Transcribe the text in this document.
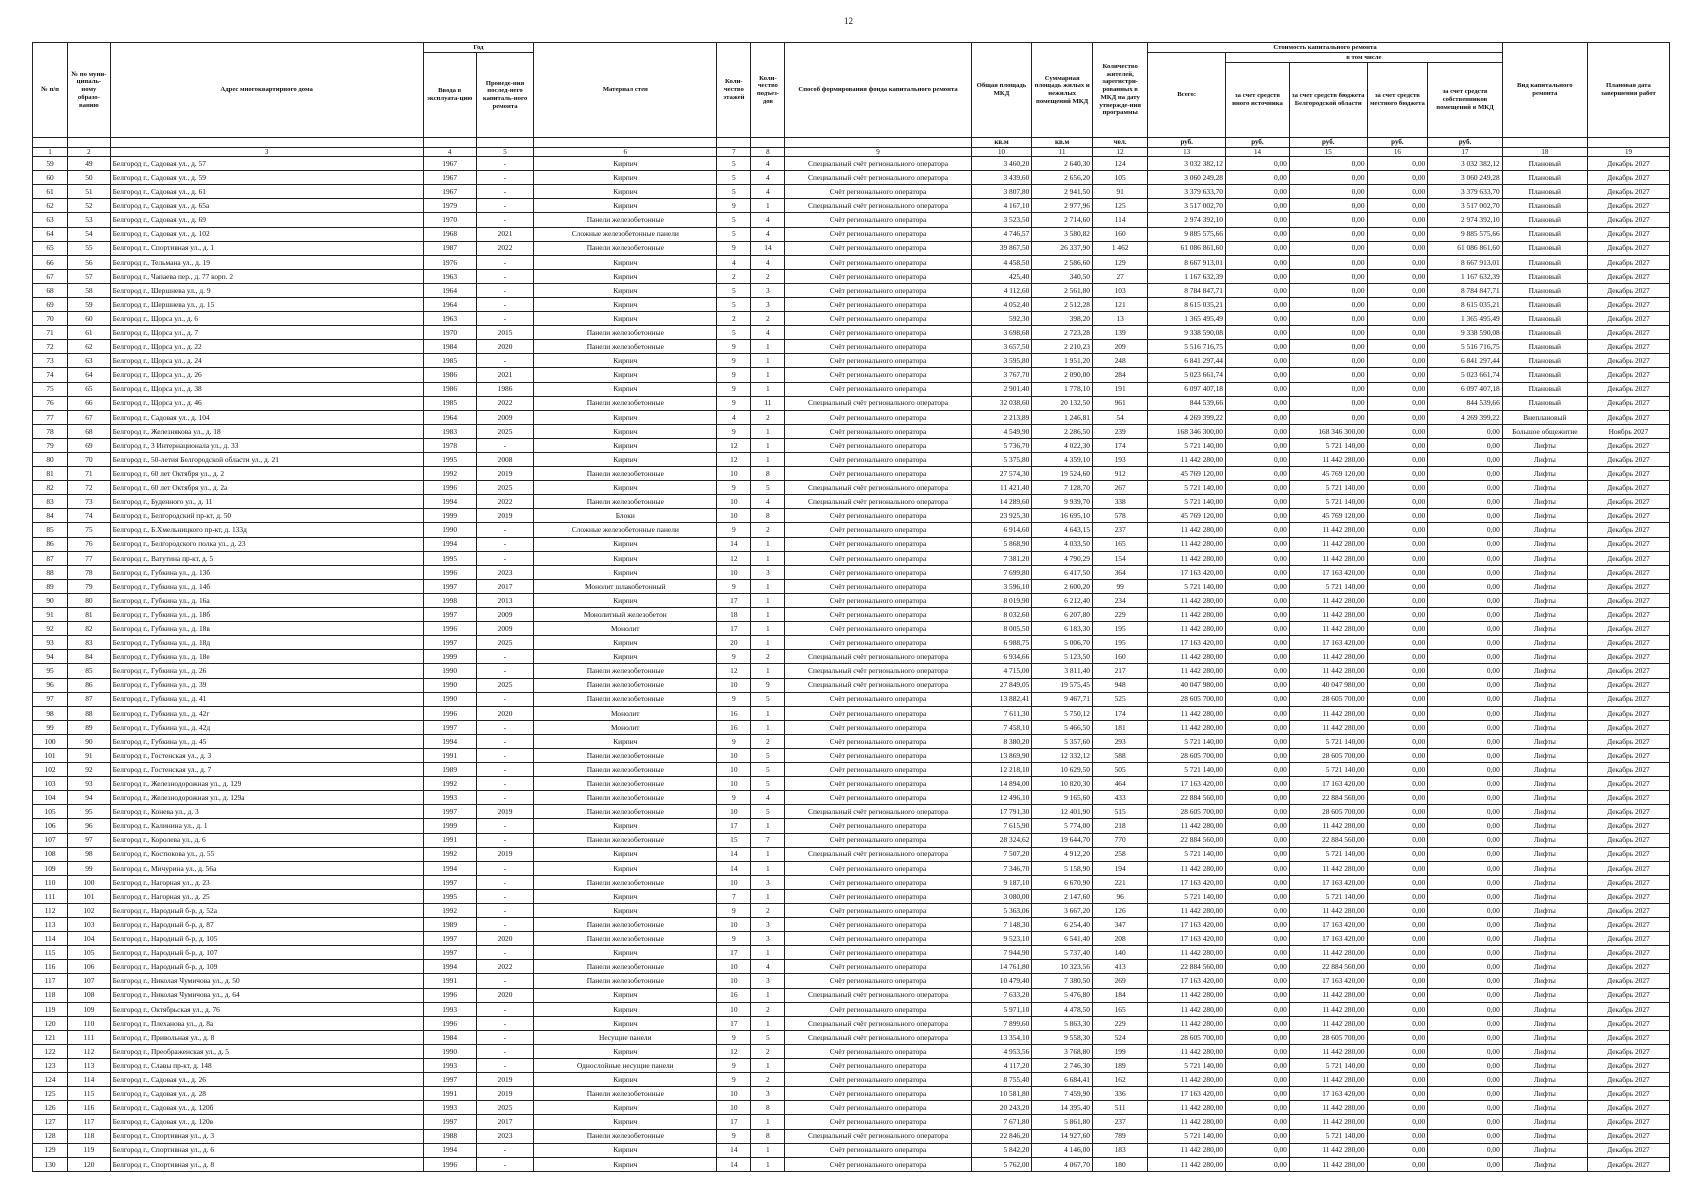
12
№ п/п	№ по муни-ципаль-ному образо-ванию	Адрес многоквартирного дома	Год		Материал стен	Коли-чество этажей	Коли-чество подъез-дов	Способ формирования фонда капитального ремонта	Общая площадь МКД	Суммарная площадь жилых и нежилых помещений МКД	Количество жителей, зарегистри-рованных в МКД на дату утвержде-ния программы	Стоимость капитального ремонта					Вид капитального ремонта	Плановая дата завершения работ
			Ввода в эксплуата-цию	Проведе-ния послед-него капиталь-ного ремонта								Всего:	в том числе					
													за счет средств иного источника	за счет средств бюджета Белгородской области	за счет средств местного бюджета	за счет средств собственников помещений в МКД		
									кв.м	кв.м	чел.	руб.	руб.	руб.	руб.	руб.		
1	2	3	4	5	6	7	8	9	10	11	12	13	14	15	16	17	18	19
59	49	Белгород г., Садовая ул., д. 57	1967	-	Кирпич	5	4	Специальный счёт регионального оператора	3 460,20	2 640,30	124	3 032 382,12	0,00	0,00	0,00	3 032 382,12	Плановый	Декабрь 2027
60	50	Белгород г., Садовая ул., д. 59	1967	-	Кирпич	5	4	Специальный счёт регионального оператора	3 439,60	2 656,20	105	3 060 249,28	0,00	0,00	0,00	3 060 249,28	Плановый	Декабрь 2027
61	51	Белгород г., Садовая ул., д. 61	1967	-	Кирпич	5	4	Счёт регионального оператора	3 807,80	2 941,50	91	3 379 633,70	0,00	0,00	0,00	3 379 633,70	Плановый	Декабрь 2027
62	52	Белгород г., Садовая ул., д. 65а	1979	-	Кирпич	9	1	Специальный счёт регионального оператора	4 167,10	2 977,96	125	3 517 002,70	0,00	0,00	0,00	3 517 002,70	Плановый	Декабрь 2027
63	53	Белгород г., Садовая ул., д. 69	1970	-	Панели железобетонные	5	4	Счёт регионального оператора	3 523,50	2 714,60	114	2 974 392,10	0,00	0,00	0,00	2 974 392,10	Плановый	Декабрь 2027
64	54	Белгород г., Садовая ул., д. 102	1968	2021	Сложные железобетонные панели	5	4	Счёт регионального оператора	4 746,57	3 580,82	160	9 885 575,66	0,00	0,00	0,00	9 885 575,66	Плановый	Декабрь 2027
65	55	Белгород г., Спортивная ул., д. 1	1987	2022	Панели железобетонные	9	14	Счёт регионального оператора	39 867,50	26 337,90	1 462	61 086 861,60	0,00	0,00	0,00	61 086 861,60	Плановый	Декабрь 2027
66	56	Белгород г., Тельмана ул., д. 19	1976	-	Кирпич	4	4	Счёт регионального оператора	4 458,50	2 586,60	129	8 667 913,01	0,00	0,00	0,00	8 667 913,01	Плановый	Декабрь 2027
67	57	Белгород г., Чапаева пер., д. 77 корп. 2	1963	-	Кирпич	2	2	Счёт регионального оператора	425,40	340,50	27	1 167 632,39	0,00	0,00	0,00	1 167 632,39	Плановый	Декабрь 2027
68	58	Белгород г., Шершнева ул., д. 9	1964	-	Кирпич	5	3	Счёт регионального оператора	4 112,60	2 561,80	103	8 784 847,71	0,00	0,00	0,00	8 784 847,71	Плановый	Декабрь 2027
69	59	Белгород г., Шершнева ул., д. 15	1964	-	Кирпич	5	3	Счёт регионального оператора	4 052,40	2 512,28	121	8 615 035,21	0,00	0,00	0,00	8 615 035,21	Плановый	Декабрь 2027
70	60	Белгород г., Щорса ул., д. 6	1963	-	Кирпич	2	2	Счёт регионального оператора	592,30	398,20	13	1 365 495,49	0,00	0,00	0,00	1 365 495,49	Плановый	Декабрь 2027
71	61	Белгород г., Щорса ул., д. 7	1970	2015	Панели железобетонные	5	4	Счёт регионального оператора	3 698,68	2 723,28	139	9 338 590,08	0,00	0,00	0,00	9 338 590,08	Плановый	Декабрь 2027
72	62	Белгород г., Щорса ул., д. 22	1984	2020	Панели железобетонные	9	1	Счёт регионального оператора	3 657,50	2 210,23	209	5 516 716,75	0,00	0,00	0,00	5 516 716,75	Плановый	Декабрь 2027
73	63	Белгород г., Щорса ул., д. 24	1985	-	Кирпич	9	1	Счёт регионального оператора	3 595,80	1 951,20	248	6 841 297,44	0,00	0,00	0,00	6 841 297,44	Плановый	Декабрь 2027
74	64	Белгород г., Щорса ул., д. 26	1986	2021	Кирпич	9	1	Счёт регионального оператора	3 767,70	2 090,00	284	5 023 661,74	0,00	0,00	0,00	5 023 661,74	Плановый	Декабрь 2027
75	65	Белгород г., Щорса ул., д. 38	1986	1986	Кирпич	9	1	Счёт регионального оператора	2 901,40	1 778,10	191	6 097 407,18	0,00	0,00	0,00	6 097 407,18	Плановый	Декабрь 2027
76	66	Белгород г., Щорса ул., д. 46	1985	2022	Панели железобетонные	9	11	Специальный счёт регионального оператора	32 038,60	20 132,50	961	844 539,66	0,00	0,00	0,00	844 539,66	Плановый	Декабрь 2027
77	67	Белгород г., Садовая ул., д. 104	1964	2009	Кирпич	4	2	Счёт регионального оператора	2 213,89	1 246,81	54	4 269 399,22	0,00	0,00	0,00	4 269 399,22	Внеплановый	Декабрь 2027
78	68	Белгород г., Железнякова ул., д. 18	1983	2025	Кирпич	9	1	Счёт регионального оператора	4 549,90	2 286,50	239	168 346 300,00	0,00	168 346 300,00	0,00	0,00	Большое общежитие	Ноябрь 2027
79	69	Белгород г., 3 Интернационала ул., д. 33	1978	-	Кирпич	12	1	Счёт регионального оператора	5 736,70	4 022,30	174	5 721 140,00	0,00	5 721 140,00	0,00	0,00	Лифты	Декабрь 2027
80	70	Белгород г., 50-летия Белгородской области ул., д. 21	1995	2008	Кирпич	12	1	Счёт регионального оператора	5 375,80	4 359,10	193	11 442 280,00	0,00	11 442 280,00	0,00	0,00	Лифты	Декабрь 2027
81	71	Белгород г., 60 лет Октября ул., д. 2	1992	2019	Панели железобетонные	10	8	Счёт регионального оператора	27 574,30	19 524,60	912	45 769 120,00	0,00	45 769 120,00	0,00	0,00	Лифты	Декабрь 2027
82	72	Белгород г., 60 лет Октября ул., д. 2а	1996	2025	Кирпич	9	5	Специальный счёт регионального оператора	11 421,40	7 128,70	267	5 721 140,00	0,00	5 721 140,00	0,00	0,00	Лифты	Декабрь 2027
83	73	Белгород г., Буденного ул., д. 11	1994	2022	Панели железобетонные	10	4	Специальный счёт регионального оператора	14 289,60	9 939,70	338	5 721 140,00	0,00	5 721 140,00	0,00	0,00	Лифты	Декабрь 2027
84	74	Белгород г., Белгородский пр-кт, д. 50	1999	2019	Блоки	10	8	Счёт регионального оператора	23 925,30	16 695,10	578	45 769 120,00	0,00	45 769 120,00	0,00	0,00	Лифты	Декабрь 2027
85	75	Белгород г., Б.Хмельницкого пр-кт, д. 133д	1990	-	Сложные железобетонные панели	9	2	Счёт регионального оператора	6 914,60	4 643,15	237	11 442 280,00	0,00	11 442 280,00	0,00	0,00	Лифты	Декабрь 2027
86	76	Белгород г., Белгородского полка ул., д. 23	1994	-	Кирпич	14	1	Счёт регионального оператора	5 868,90	4 033,50	165	11 442 280,00	0,00	11 442 280,00	0,00	0,00	Лифты	Декабрь 2027
87	77	Белгород г., Ватутина пр-кт, д. 5	1995	-	Кирпич	12	1	Счёт регионального оператора	7 381,20	4 790,29	154	11 442 280,00	0,00	11 442 280,00	0,00	0,00	Лифты	Декабрь 2027
88	78	Белгород г., Губкина ул., д. 13б	1996	2023	Кирпич	10	3	Счёт регионального оператора	7 699,80	6 417,50	364	17 163 420,00	0,00	17 163 420,00	0,00	0,00	Лифты	Декабрь 2027
89	79	Белгород г., Губкина ул., д. 14б	1997	2017	Монолит шлакобетонный	9	1	Счёт регионального оператора	3 596,10	2 600,20	99	5 721 140,00	0,00	5 721 140,00	0,00	0,00	Лифты	Декабрь 2027
90	80	Белгород г., Губкина ул., д. 16а	1998	2013	Кирпич	17	1	Счёт регионального оператора	8 019,90	6 212,40	234	11 442 280,00	0,00	11 442 280,00	0,00	0,00	Лифты	Декабрь 2027
91	81	Белгород г., Губкина ул., д. 18б	1997	2009	Монолитный железобетон	18	1	Счёт регионального оператора	8 032,60	6 207,80	229	11 442 280,00	0,00	11 442 280,00	0,00	0,00	Лифты	Декабрь 2027
92	82	Белгород г., Губкина ул., д. 18в	1996	2009	Монолит	17	1	Счёт регионального оператора	8 005,50	6 183,30	195	11 442 280,00	0,00	11 442 280,00	0,00	0,00	Лифты	Декабрь 2027
93	83	Белгород г., Губкина ул., д. 18д	1997	2025	Кирпич	20	1	Счёт регионального оператора	6 988,75	5 006,70	195	17 163 420,00	0,00	17 163 420,00	0,00	0,00	Лифты	Декабрь 2027
94	84	Белгород г., Губкина ул., д. 18е	1999	-	Кирпич	9	2	Специальный счёт регионального оператора	6 934,66	5 123,50	160	11 442 280,00	0,00	11 442 280,00	0,00	0,00	Лифты	Декабрь 2027
95	85	Белгород г., Губкина ул., д. 26	1990	-	Панели железобетонные	12	1	Специальный счёт регионального оператора	4 715,00	3 811,40	217	11 442 280,00	0,00	11 442 280,00	0,00	0,00	Лифты	Декабрь 2027
96	86	Белгород г., Губкина ул., д. 39	1990	2025	Панели железобетонные	10	9	Специальный счёт регионального оператора	27 849,05	19 575,45	948	40 047 980,00	0,00	40 047 980,00	0,00	0,00	Лифты	Декабрь 2027
97	87	Белгород г., Губкина ул., д. 41	1990	-	Панели железобетонные	9	5	Счёт регионального оператора	13 882,41	9 467,71	525	28 605 700,00	0,00	28 605 700,00	0,00	0,00	Лифты	Декабрь 2027
98	88	Белгород г., Губкина ул., д. 42г	1996	2020	Монолит	16	1	Счёт регионального оператора	7 611,30	5 750,12	174	11 442 280,00	0,00	11 442 280,00	0,00	0,00	Лифты	Декабрь 2027
99	89	Белгород г., Губкина ул., д. 42д	1997	-	Монолит	16	1	Счёт регионального оператора	7 458,10	5 466,50	181	11 442 280,00	0,00	11 442 280,00	0,00	0,00	Лифты	Декабрь 2027
100	90	Белгород г., Губкина ул., д. 45	1994	-	Кирпич	9	2	Счёт регионального оператора	8 380,20	5 357,60	293	5 721 140,00	0,00	5 721 140,00	0,00	0,00	Лифты	Декабрь 2027
101	91	Белгород г., Гостенская ул., д. 3	1991	-	Панели железобетонные	10	5	Счёт регионального оператора	13 869,90	12 332,12	588	28 605 700,00	0,00	28 605 700,00	0,00	0,00	Лифты	Декабрь 2027
102	92	Белгород г., Гостенская ул., д. 7	1989	-	Панели железобетонные	10	5	Счёт регионального оператора	12 218,10	10 629,50	505	5 721 140,00	0,00	5 721 140,00	0,00	0,00	Лифты	Декабрь 2027
103	93	Белгород г., Железнодорожная ул., д. 129	1992	-	Панели железобетонные	10	5	Счёт регионального оператора	14 894,00	10 820,30	464	17 163 420,00	0,00	17 163 420,00	0,00	0,00	Лифты	Декабрь 2027
104	94	Белгород г., Железнодорожная ул., д. 129а	1993	-	Панели железобетонные	9	4	Счёт регионального оператора	12 496,10	9 165,60	433	22 884 560,00	0,00	22 884 560,00	0,00	0,00	Лифты	Декабрь 2027
105	95	Белгород г., Конева ул., д. 3	1997	2019	Панели железобетонные	10	5	Специальный счёт регионального оператора	17 791,30	12 401,90	515	28 605 700,00	0,00	28 605 700,00	0,00	0,00	Лифты	Декабрь 2027
106	96	Белгород г., Калинина ул., д. 1	1999	-	Кирпич	17	1	Счёт регионального оператора	7 615,90	5 774,00	218	11 442 280,00	0,00	11 442 280,00	0,00	0,00	Лифты	Декабрь 2027
107	97	Белгород г., Королева ул., д. 6	1991	-	Панели железобетонные	15	7	Счёт регионального оператора	28 324,62	19 644,70	770	22 884 560,00	0,00	22 884 560,00	0,00	0,00	Лифты	Декабрь 2027
108	98	Белгород г., Костюкова ул., д. 55	1992	2019	Кирпич	14	1	Специальный счёт регионального оператора	7 507,20	4 912,20	258	5 721 140,00	0,00	5 721 140,00	0,00	0,00	Лифты	Декабрь 2027
109	99	Белгород г., Мичурина ул., д. 56а	1994	-	Кирпич	14	1	Счёт регионального оператора	7 346,70	5 158,90	194	11 442 280,00	0,00	11 442 280,00	0,00	0,00	Лифты	Декабрь 2027
110	100	Белгород г., Нагорная ул., д. 23	1997	-	Панели железобетонные	10	3	Счёт регионального оператора	9 187,10	6 670,90	221	17 163 420,00	0,00	17 163 420,00	0,00	0,00	Лифты	Декабрь 2027
111	101	Белгород г., Нагорная ул., д. 25	1995	-	Кирпич	7	1	Счёт регионального оператора	3 080,00	2 147,60	96	5 721 140,00	0,00	5 721 140,00	0,00	0,00	Лифты	Декабрь 2027
112	102	Белгород г., Народный б-р, д. 52а	1992	-	Кирпич	9	2	Счёт регионального оператора	5 363,06	3 667,20	126	11 442 280,00	0,00	11 442 280,00	0,00	0,00	Лифты	Декабрь 2027
113	103	Белгород г., Народный б-р, д. 87	1989	-	Панели железобетонные	10	3	Счёт регионального оператора	7 148,30	6 254,40	347	17 163 420,00	0,00	17 163 420,00	0,00	0,00	Лифты	Декабрь 2027
114	104	Белгород г., Народный б-р, д. 105	1997	2020	Панели железобетонные	9	3	Счёт регионального оператора	9 523,10	6 541,40	208	17 163 420,00	0,00	17 163 420,00	0,00	0,00	Лифты	Декабрь 2027
115	105	Белгород г., Народный б-р, д. 107	1997	-	Кирпич	17	1	Счёт регионального оператора	7 944,90	5 737,40	140	11 442 280,00	0,00	11 442 280,00	0,00	0,00	Лифты	Декабрь 2027
116	106	Белгород г., Народный б-р, д. 109	1994	2022	Панели железобетонные	10	4	Счёт регионального оператора	14 761,80	10 323,56	413	22 884 560,00	0,00	22 884 560,00	0,00	0,00	Лифты	Декабрь 2027
117	107	Белгород г., Николая Чумичова ул., д. 50	1991	-	Панели железобетонные	10	3	Счёт регионального оператора	10 479,40	7 380,50	269	17 163 420,00	0,00	17 163 420,00	0,00	0,00	Лифты	Декабрь 2027
118	108	Белгород г., Николая Чумичова ул., д. 64	1996	2020	Кирпич	16	1	Специальный счёт регионального оператора	7 633,20	5 476,80	184	11 442 280,00	0,00	11 442 280,00	0,00	0,00	Лифты	Декабрь 2027
119	109	Белгород г., Октябрьская ул., д. 76	1993	-	Кирпич	10	2	Счёт регионального оператора	5 971,10	4 478,50	165	11 442 280,00	0,00	11 442 280,00	0,00	0,00	Лифты	Декабрь 2027
120	110	Белгород г., Плеханова ул., д. 8а	1996	-	Кирпич	17	1	Специальный счёт регионального оператора	7 899,60	5 863,30	229	11 442 280,00	0,00	11 442 280,00	0,00	0,00	Лифты	Декабрь 2027
121	111	Белгород г., Привольная ул., д. 8	1984	-	Несущие панели	9	5	Специальный счёт регионального оператора	13 354,10	9 558,30	524	28 605 700,00	0,00	28 605 700,00	0,00	0,00	Лифты	Декабрь 2027
122	112	Белгород г., Преображенская ул., д. 5	1990	-	Кирпич	12	2	Счёт регионального оператора	4 953,56	3 768,80	199	11 442 280,00	0,00	11 442 280,00	0,00	0,00	Лифты	Декабрь 2027
123	113	Белгород г., Славы пр-кт, д. 148	1993	-	Однослойные несущие панели	9	1	Счёт регионального оператора	4 117,20	2 746,30	189	5 721 140,00	0,00	5 721 140,00	0,00	0,00	Лифты	Декабрь 2027
124	114	Белгород г., Садовая ул., д. 26	1997	2019	Кирпич	9	2	Счёт регионального оператора	8 755,40	6 684,41	162	11 442 280,00	0,00	11 442 280,00	0,00	0,00	Лифты	Декабрь 2027
125	115	Белгород г., Садовая ул., д. 28	1991	2019	Панели железобетонные	10	3	Счёт регионального оператора	10 581,80	7 459,90	336	17 163 420,00	0,00	17 163 420,00	0,00	0,00	Лифты	Декабрь 2027
126	116	Белгород г., Садовая ул., д. 120б	1993	2025	Кирпич	10	8	Счёт регионального оператора	20 243,20	14 395,40	511	11 442 280,00	0,00	11 442 280,00	0,00	0,00	Лифты	Декабрь 2027
127	117	Белгород г., Садовая ул., д. 120в	1997	2017	Кирпич	17	1	Счёт регионального оператора	7 671,80	5 861,80	237	11 442 280,00	0,00	11 442 280,00	0,00	0,00	Лифты	Декабрь 2027
128	118	Белгород г., Спортивная ул., д. 3	1988	2023	Панели железобетонные	9	8	Специальный счёт регионального оператора	22 846,20	14 927,60	789	5 721 140,00	0,00	5 721 140,00	0,00	0,00	Лифты	Декабрь 2027
129	119	Белгород г., Спортивная ул., д. 6	1994	-	Кирпич	14	1	Счёт регионального оператора	5 842,20	4 146,00	183	11 442 280,00	0,00	11 442 280,00	0,00	0,00	Лифты	Декабрь 2027
130	120	Белгород г., Спортивная ул., д. 8	1996	-	Кирпич	14	1	Счёт регионального оператора	5 762,00	4 067,70	180	11 442 280,00	0,00	11 442 280,00	0,00	0,00	Лифты	Декабрь 2027
